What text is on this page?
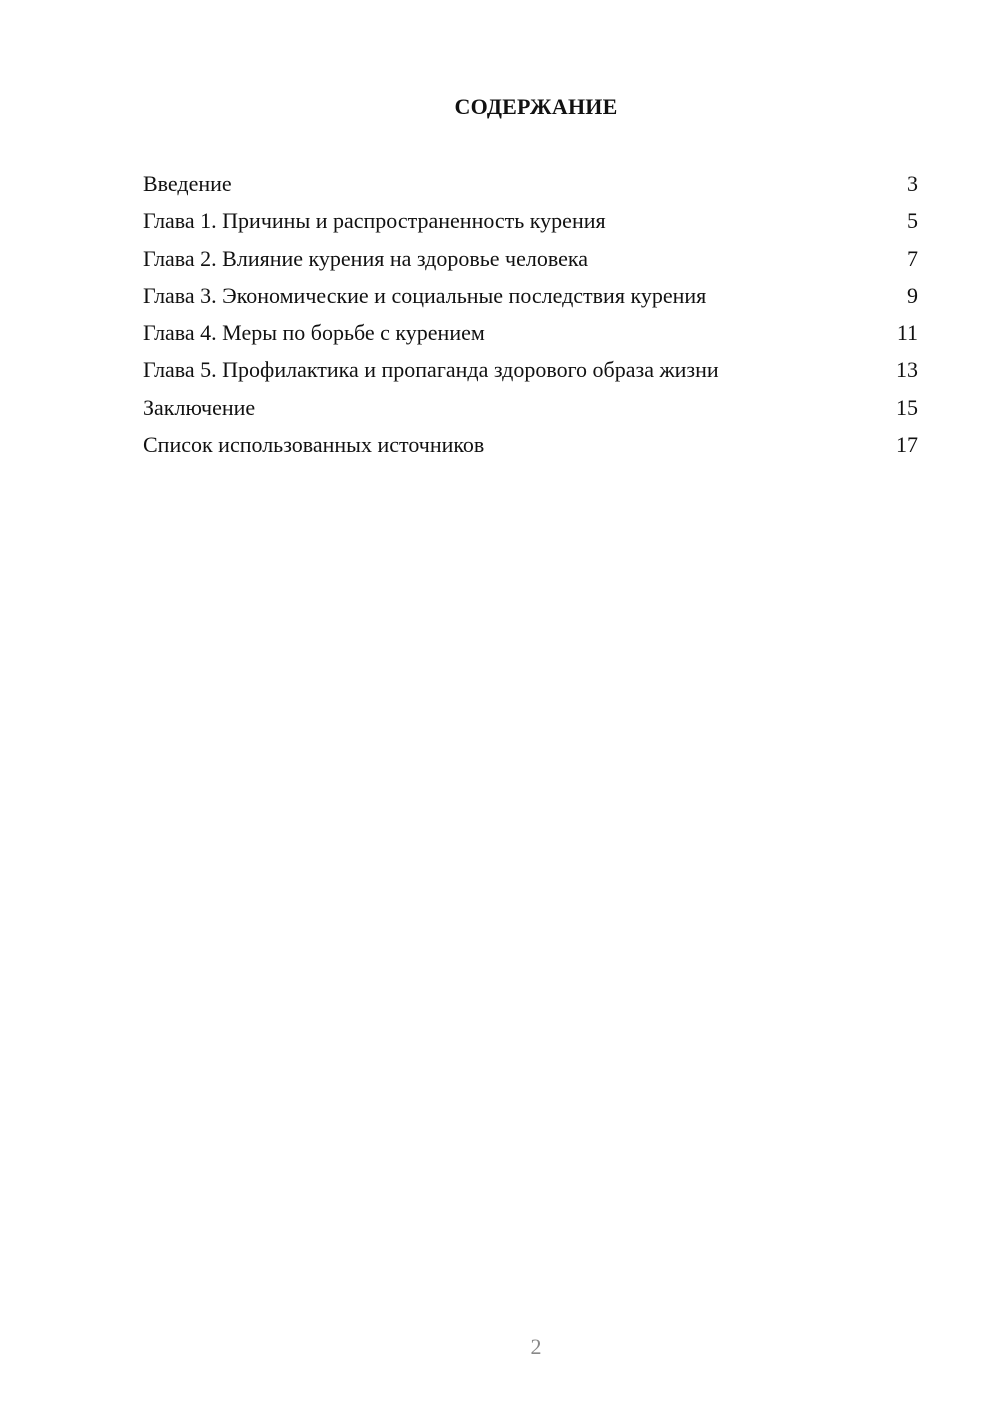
СОДЕРЖАНИЕ
Введение	3
Глава 1. Причины и распространенность курения	5
Глава 2. Влияние курения на здоровье человека	7
Глава 3. Экономические и социальные последствия курения	9
Глава 4. Меры по борьбе с курением	11
Глава 5. Профилактика и пропаганда здорового образа жизни	13
Заключение	15
Список использованных источников	17
2
